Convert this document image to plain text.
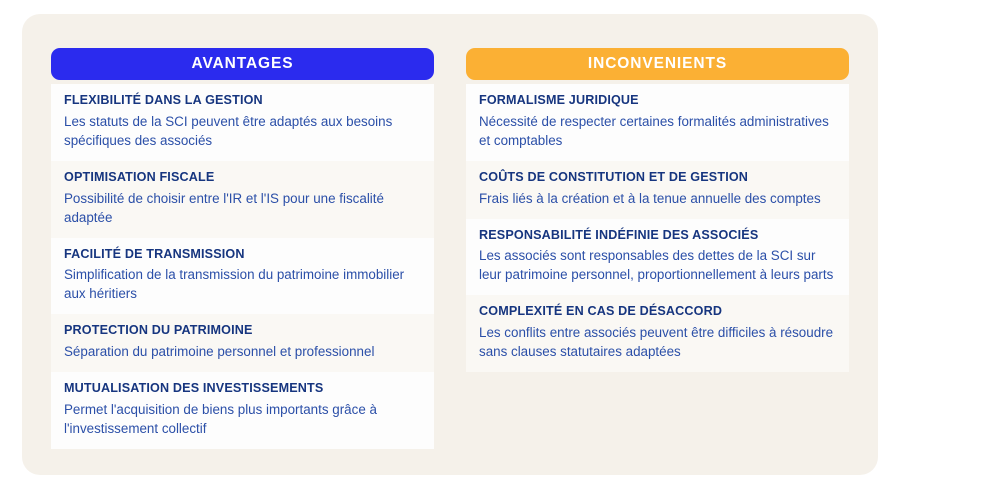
AVANTAGES
FLEXIBILITÉ DANS LA GESTION
Les statuts de la SCI peuvent être adaptés aux besoins spécifiques des associés
OPTIMISATION FISCALE
Possibilité de choisir entre l'IR et l'IS pour une fiscalité adaptée
FACILITÉ DE TRANSMISSION
Simplification de la transmission du patrimoine immobilier aux héritiers
PROTECTION DU PATRIMOINE
Séparation du patrimoine personnel et professionnel
MUTUALISATION DES INVESTISSEMENTS
Permet l'acquisition de biens plus importants grâce à l'investissement collectif
INCONVENIENTS
FORMALISME JURIDIQUE
Nécessité de respecter certaines formalités administratives et comptables
COÛTS DE CONSTITUTION ET DE GESTION
Frais liés à la création et à la tenue annuelle des comptes
RESPONSABILITÉ INDÉFINIE DES ASSOCIÉS
Les associés sont responsables des dettes de la SCI sur leur patrimoine personnel, proportionnellement à leurs parts
COMPLEXITÉ EN CAS DE DÉSACCORD
Les conflits entre associés peuvent être difficiles à résoudre sans clauses statutaires adaptées
